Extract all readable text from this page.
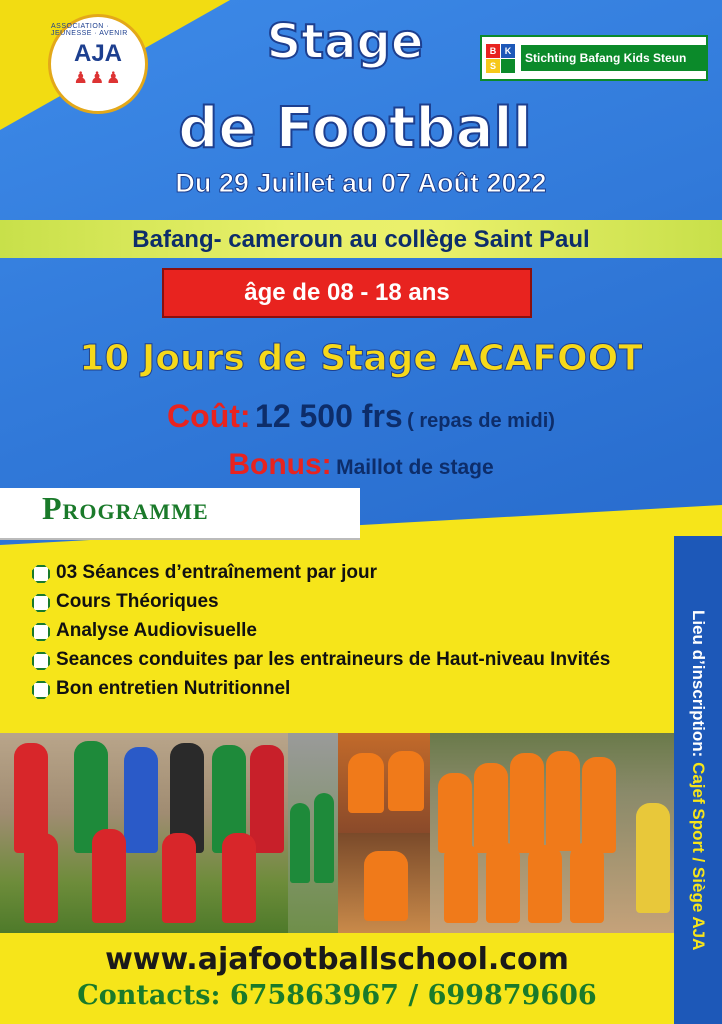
ASSOCIATION · JEUNESSE · AVENIR
AJA
♟♟♟
B K
S
Stichting Bafang Kids Steun
Stage
de Football
Du 29 Juillet au 07 Août 2022
Bafang- cameroun au collège Saint Paul
âge de 08 - 18 ans
10 Jours de Stage ACAFOOT
Coût: 12 500 frs ( repas de midi)
Bonus: Maillot de stage
Programme
03 Séances d’entraînement par jour
Cours Théoriques
Analyse Audiovisuelle
Seances conduites par les entraineurs de Haut-niveau Invités
Bon entretien Nutritionnel	Lieu d’inscription: Cajef Sport / Siège AJA
www.ajafootballschool.com
Contacts: 675863967 / 699879606
